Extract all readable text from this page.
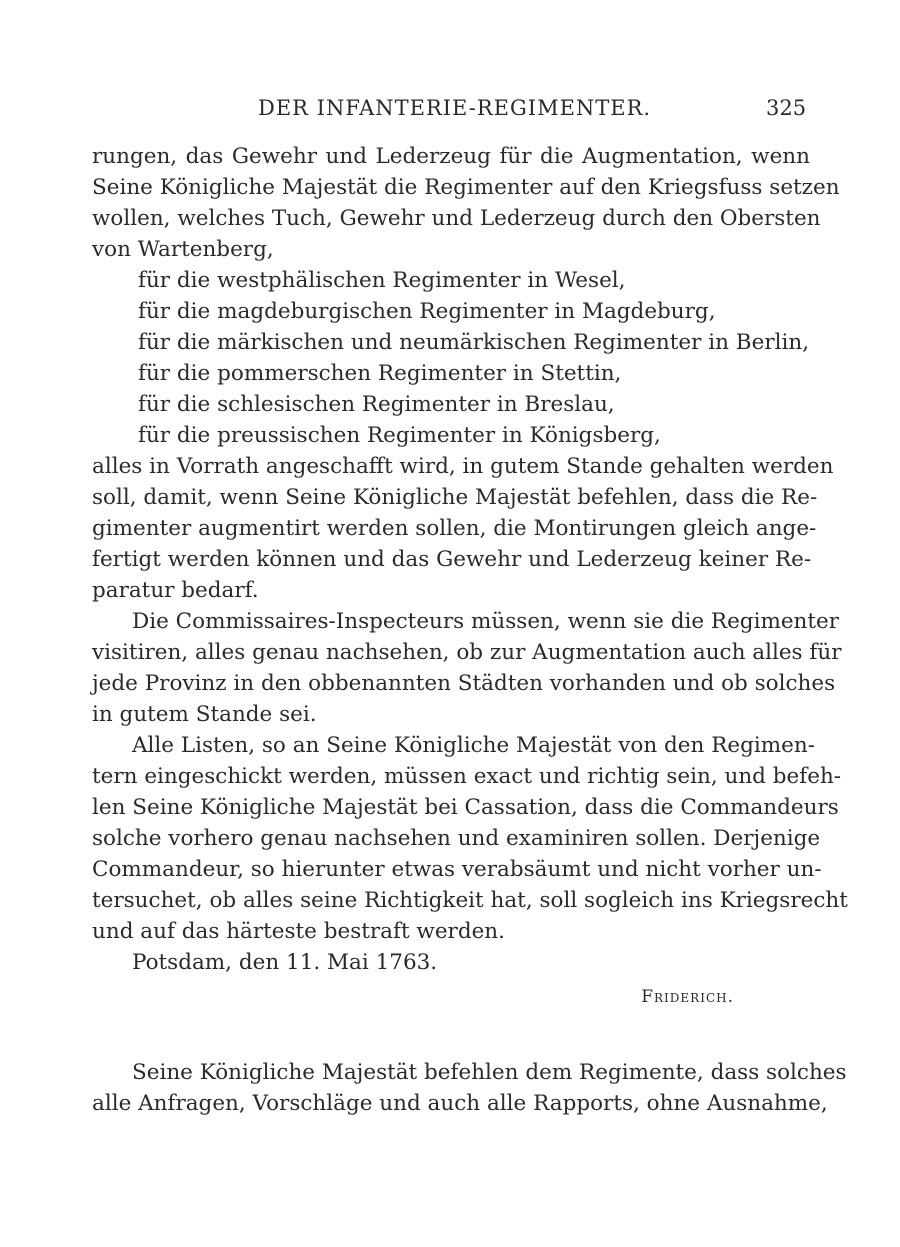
DER INFANTERIE-REGIMENTER.	325
rungen, das Gewehr und Lederzeug für die Augmentation, wenn
Seine Königliche Majestät die Regimenter auf den Kriegsfuss setzen
wollen, welches Tuch, Gewehr und Lederzeug durch den Obersten
von Wartenberg,
für die westphälischen Regimenter in Wesel,
für die magdeburgischen Regimenter in Magdeburg,
für die märkischen und neumärkischen Regimenter in Berlin,
für die pommerschen Regimenter in Stettin,
für die schlesischen Regimenter in Breslau,
für die preussischen Regimenter in Königsberg,
alles in Vorrath angeschafft wird, in gutem Stande gehalten werden
soll, damit, wenn Seine Königliche Majestät befehlen, dass die Re-
gimenter augmentirt werden sollen, die Montirungen gleich ange-
fertigt werden können und das Gewehr und Lederzeug keiner Re-
paratur bedarf.
Die Commissaires-Inspecteurs müssen, wenn sie die Regimenter
visitiren, alles genau nachsehen, ob zur Augmentation auch alles für
jede Provinz in den obbenannten Städten vorhanden und ob solches
in gutem Stande sei.
Alle Listen, so an Seine Königliche Majestät von den Regimen-
tern eingeschickt werden, müssen exact und richtig sein, und befeh-
len Seine Königliche Majestät bei Cassation, dass die Commandeurs
solche vorhero genau nachsehen und examiniren sollen. Derjenige
Commandeur, so hierunter etwas verabsäumt und nicht vorher un-
tersuchet, ob alles seine Richtigkeit hat, soll sogleich ins Kriegsrecht
und auf das härteste bestraft werden.
Potsdam, den 11. Mai 1763.
Friderich.
Seine Königliche Majestät befehlen dem Regimente, dass solches
alle Anfragen, Vorschläge und auch alle Rapports, ohne Ausnahme,
